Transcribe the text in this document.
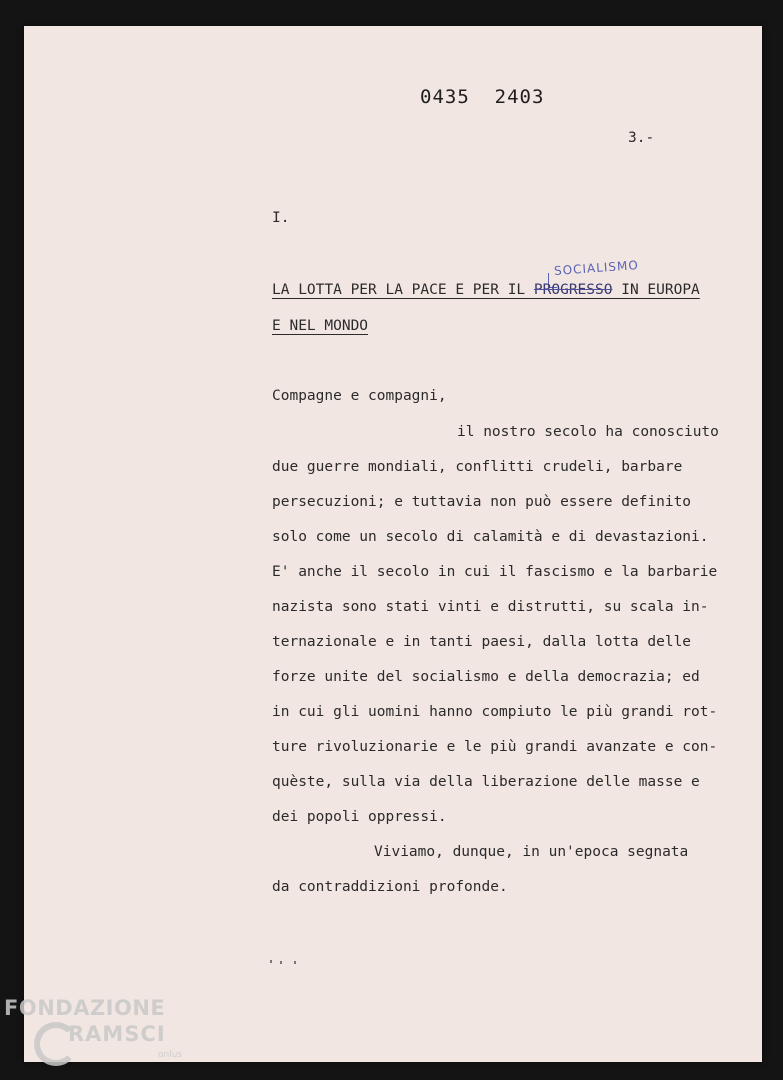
0435  2403
3.-
I.
SOCIALISMO
LA LOTTA PER LA PACE E PER IL PROGRESSO IN EUROPA
E NEL MONDO
Compagne e compagni,
il nostro secolo ha conosciuto
due guerre mondiali, conflitti crudeli, barbare
persecuzioni; e tuttavia non può essere definito
solo come un secolo di calamità e di devastazioni.
E' anche il secolo in cui il fascismo e la barbarie
nazista sono stati vinti e distrutti, su scala in-
ternazionale e in tanti paesi, dalla lotta delle
forze unite del socialismo e della democrazia; ed
in cui gli uomini hanno compiuto le più grandi rot-
ture rivoluzionarie e le più grandi avanzate e con-
quèste, sulla via della liberazione delle masse e
dei popoli oppressi.
Viviamo, dunque, in un'epoca segnata
da contraddizioni profonde.
FONDAZIONE
RAMSCI
onlus
